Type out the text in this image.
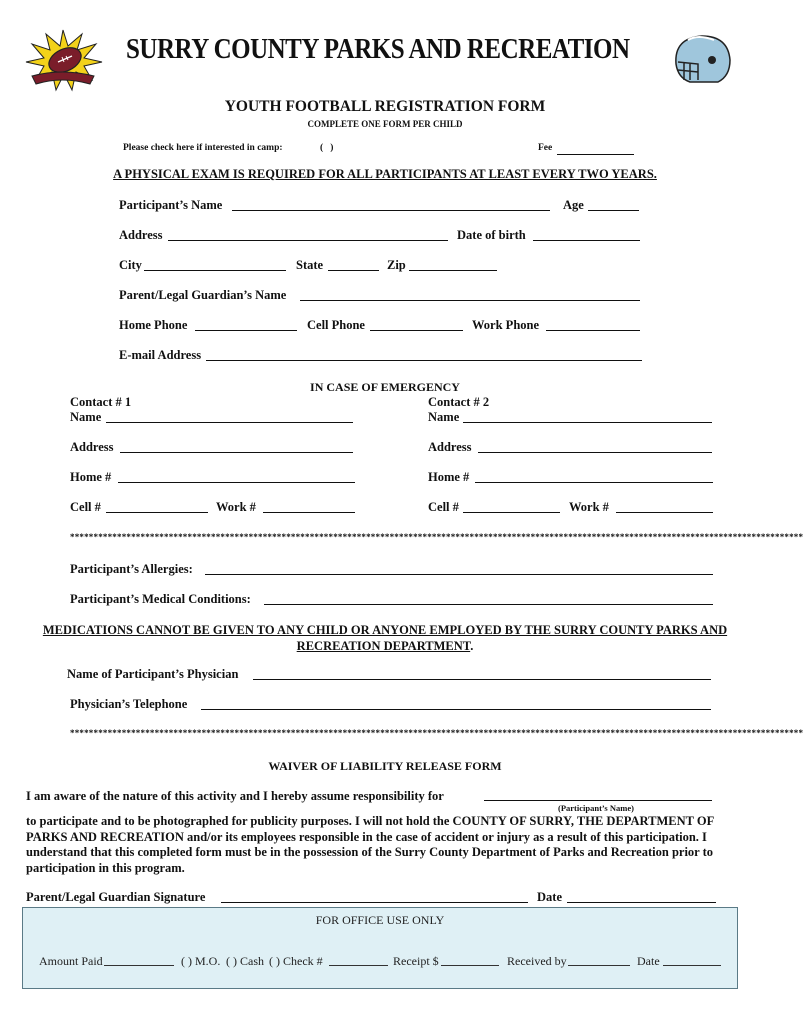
SURRY COUNTY PARKS AND RECREATION
YOUTH FOOTBALL REGISTRATION FORM
COMPLETE ONE FORM PER CHILD
Please check here if interested in camp:	(   )	Fee
A PHYSICAL EXAM IS REQUIRED FOR ALL PARTICIPANTS AT LEAST EVERY TWO YEARS.
Participant’s Name	Age
Address	Date of birth
City	State	Zip
Parent/Legal Guardian’s Name
Home Phone	Cell Phone	Work Phone
E-mail Address
IN CASE OF EMERGENCY
Contact # 1	Contact # 2
Name	Name
Address	Address
Home #	Home #
Cell #	Work #	Cell #	Work #
************************************************************************************************************************************************************
Participant’s Allergies:
Participant’s Medical Conditions:
MEDICATIONS CANNOT BE GIVEN TO ANY CHILD OR ANYONE EMPLOYED BY THE SURRY COUNTY PARKS AND
RECREATION DEPARTMENT.
Name of Participant’s Physician
Physician’s Telephone
************************************************************************************************************************************************************
WAIVER OF LIABILITY RELEASE FORM
I am aware of the nature of this activity and I hereby assume responsibility for
(Participant’s Name)
to participate and to be photographed for publicity purposes. I will not hold the COUNTY OF SURRY, THE DEPARTMENT OF PARKS AND RECREATION and/or its employees responsible in the case of accident or injury as a result of this participation. I understand that this completed form must be in the possession of the Surry County Department of Parks and Recreation prior to participation in this program.
Parent/Legal Guardian Signature	Date
FOR OFFICE USE ONLY
Amount Paid	( ) M.O. ( ) Cash ( ) Check #	Receipt $	Received by	Date
